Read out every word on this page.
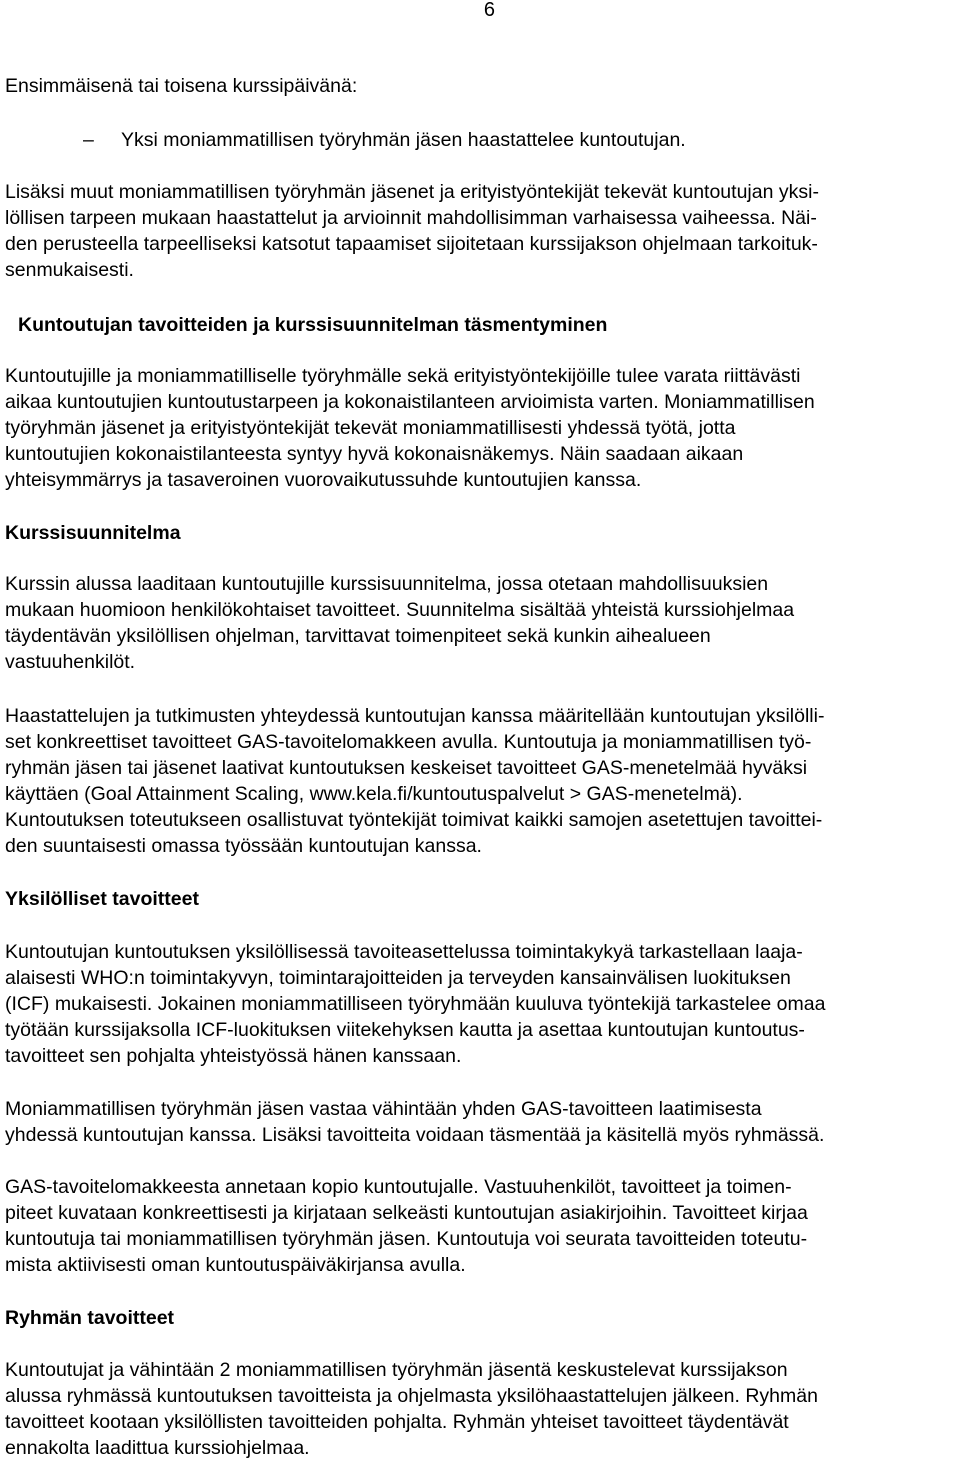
6
Ensimmäisenä tai toisena kurssipäivänä:
– Yksi moniammatillisen työryhmän jäsen haastattelee kuntoutujan.
Lisäksi muut moniammatillisen työryhmän jäsenet ja erityistyöntekijät tekevät kuntoutujan yksi-
löllisen tarpeen mukaan haastattelut ja arvioinnit mahdollisimman varhaisessa vaiheessa. Näi-
den perusteella tarpeelliseksi katsotut tapaamiset sijoitetaan kurssijakson ohjelmaan tarkoituk-
senmukaisesti.
Kuntoutujan tavoitteiden ja kurssisuunnitelman täsmentyminen
Kuntoutujille ja moniammatilliselle työryhmälle sekä erityistyöntekijöille tulee varata riittävästi
aikaa kuntoutujien kuntoutustarpeen ja kokonaistilanteen arvioimista varten. Moniammatillisen
työryhmän jäsenet ja erityistyöntekijät tekevät moniammatillisesti yhdessä työtä, jotta
kuntoutujien kokonaistilanteesta syntyy hyvä kokonaisnäkemys. Näin saadaan aikaan
yhteisymmärrys ja tasaveroinen vuorovaikutussuhde kuntoutujien kanssa.
Kurssisuunnitelma
Kurssin alussa laaditaan kuntoutujille kurssisuunnitelma, jossa otetaan mahdollisuuksien
mukaan huomioon henkilökohtaiset tavoitteet. Suunnitelma sisältää yhteistä kurssiohjelmaa
täydentävän yksilöllisen ohjelman, tarvittavat toimenpiteet sekä kunkin aihealueen
vastuuhenkilöt.
Haastattelujen ja tutkimusten yhteydessä kuntoutujan kanssa määritellään kuntoutujan yksilölli-
set konkreettiset tavoitteet GAS-tavoitelomakkeen avulla. Kuntoutuja ja moniammatillisen työ-
ryhmän jäsen tai jäsenet laativat kuntoutuksen keskeiset tavoitteet GAS-menetelmää hyväksi
käyttäen (Goal Attainment Scaling, www.kela.fi/kuntoutuspalvelut > GAS-menetelmä).
Kuntoutuksen toteutukseen osallistuvat työntekijät toimivat kaikki samojen asetettujen tavoittei-
den suuntaisesti omassa työssään kuntoutujan kanssa.
Yksilölliset tavoitteet
Kuntoutujan kuntoutuksen yksilöllisessä tavoiteasettelussa toimintakykyä tarkastellaan laaja-
alaisesti WHO:n toimintakyvyn, toimintarajoitteiden ja terveyden kansainvälisen luokituksen
(ICF) mukaisesti. Jokainen moniammatilliseen työryhmään kuuluva työntekijä tarkastelee omaa
työtään kurssijaksolla ICF-luokituksen viitekehyksen kautta ja asettaa kuntoutujan kuntoutus-
tavoitteet sen pohjalta yhteistyössä hänen kanssaan.
Moniammatillisen työryhmän jäsen vastaa vähintään yhden GAS-tavoitteen laatimisesta
yhdessä kuntoutujan kanssa. Lisäksi tavoitteita voidaan täsmentää ja käsitellä myös ryhmässä.
GAS-tavoitelomakkeesta annetaan kopio kuntoutujalle. Vastuuhenkilöt, tavoitteet ja toimen-
piteet kuvataan konkreettisesti ja kirjataan selkeästi kuntoutujan asiakirjoihin. Tavoitteet kirjaa
kuntoutuja tai moniammatillisen työryhmän jäsen. Kuntoutuja voi seurata tavoitteiden toteutu-
mista aktiivisesti oman kuntoutuspäiväkirjansa avulla.
Ryhmän tavoitteet
Kuntoutujat ja vähintään 2 moniammatillisen työryhmän jäsentä keskustelevat kurssijakson
alussa ryhmässä kuntoutuksen tavoitteista ja ohjelmasta yksilöhaastattelujen jälkeen. Ryhmän
tavoitteet kootaan yksilöllisten tavoitteiden pohjalta. Ryhmän yhteiset tavoitteet täydentävät
ennakolta laadittua kurssiohjelmaa.
